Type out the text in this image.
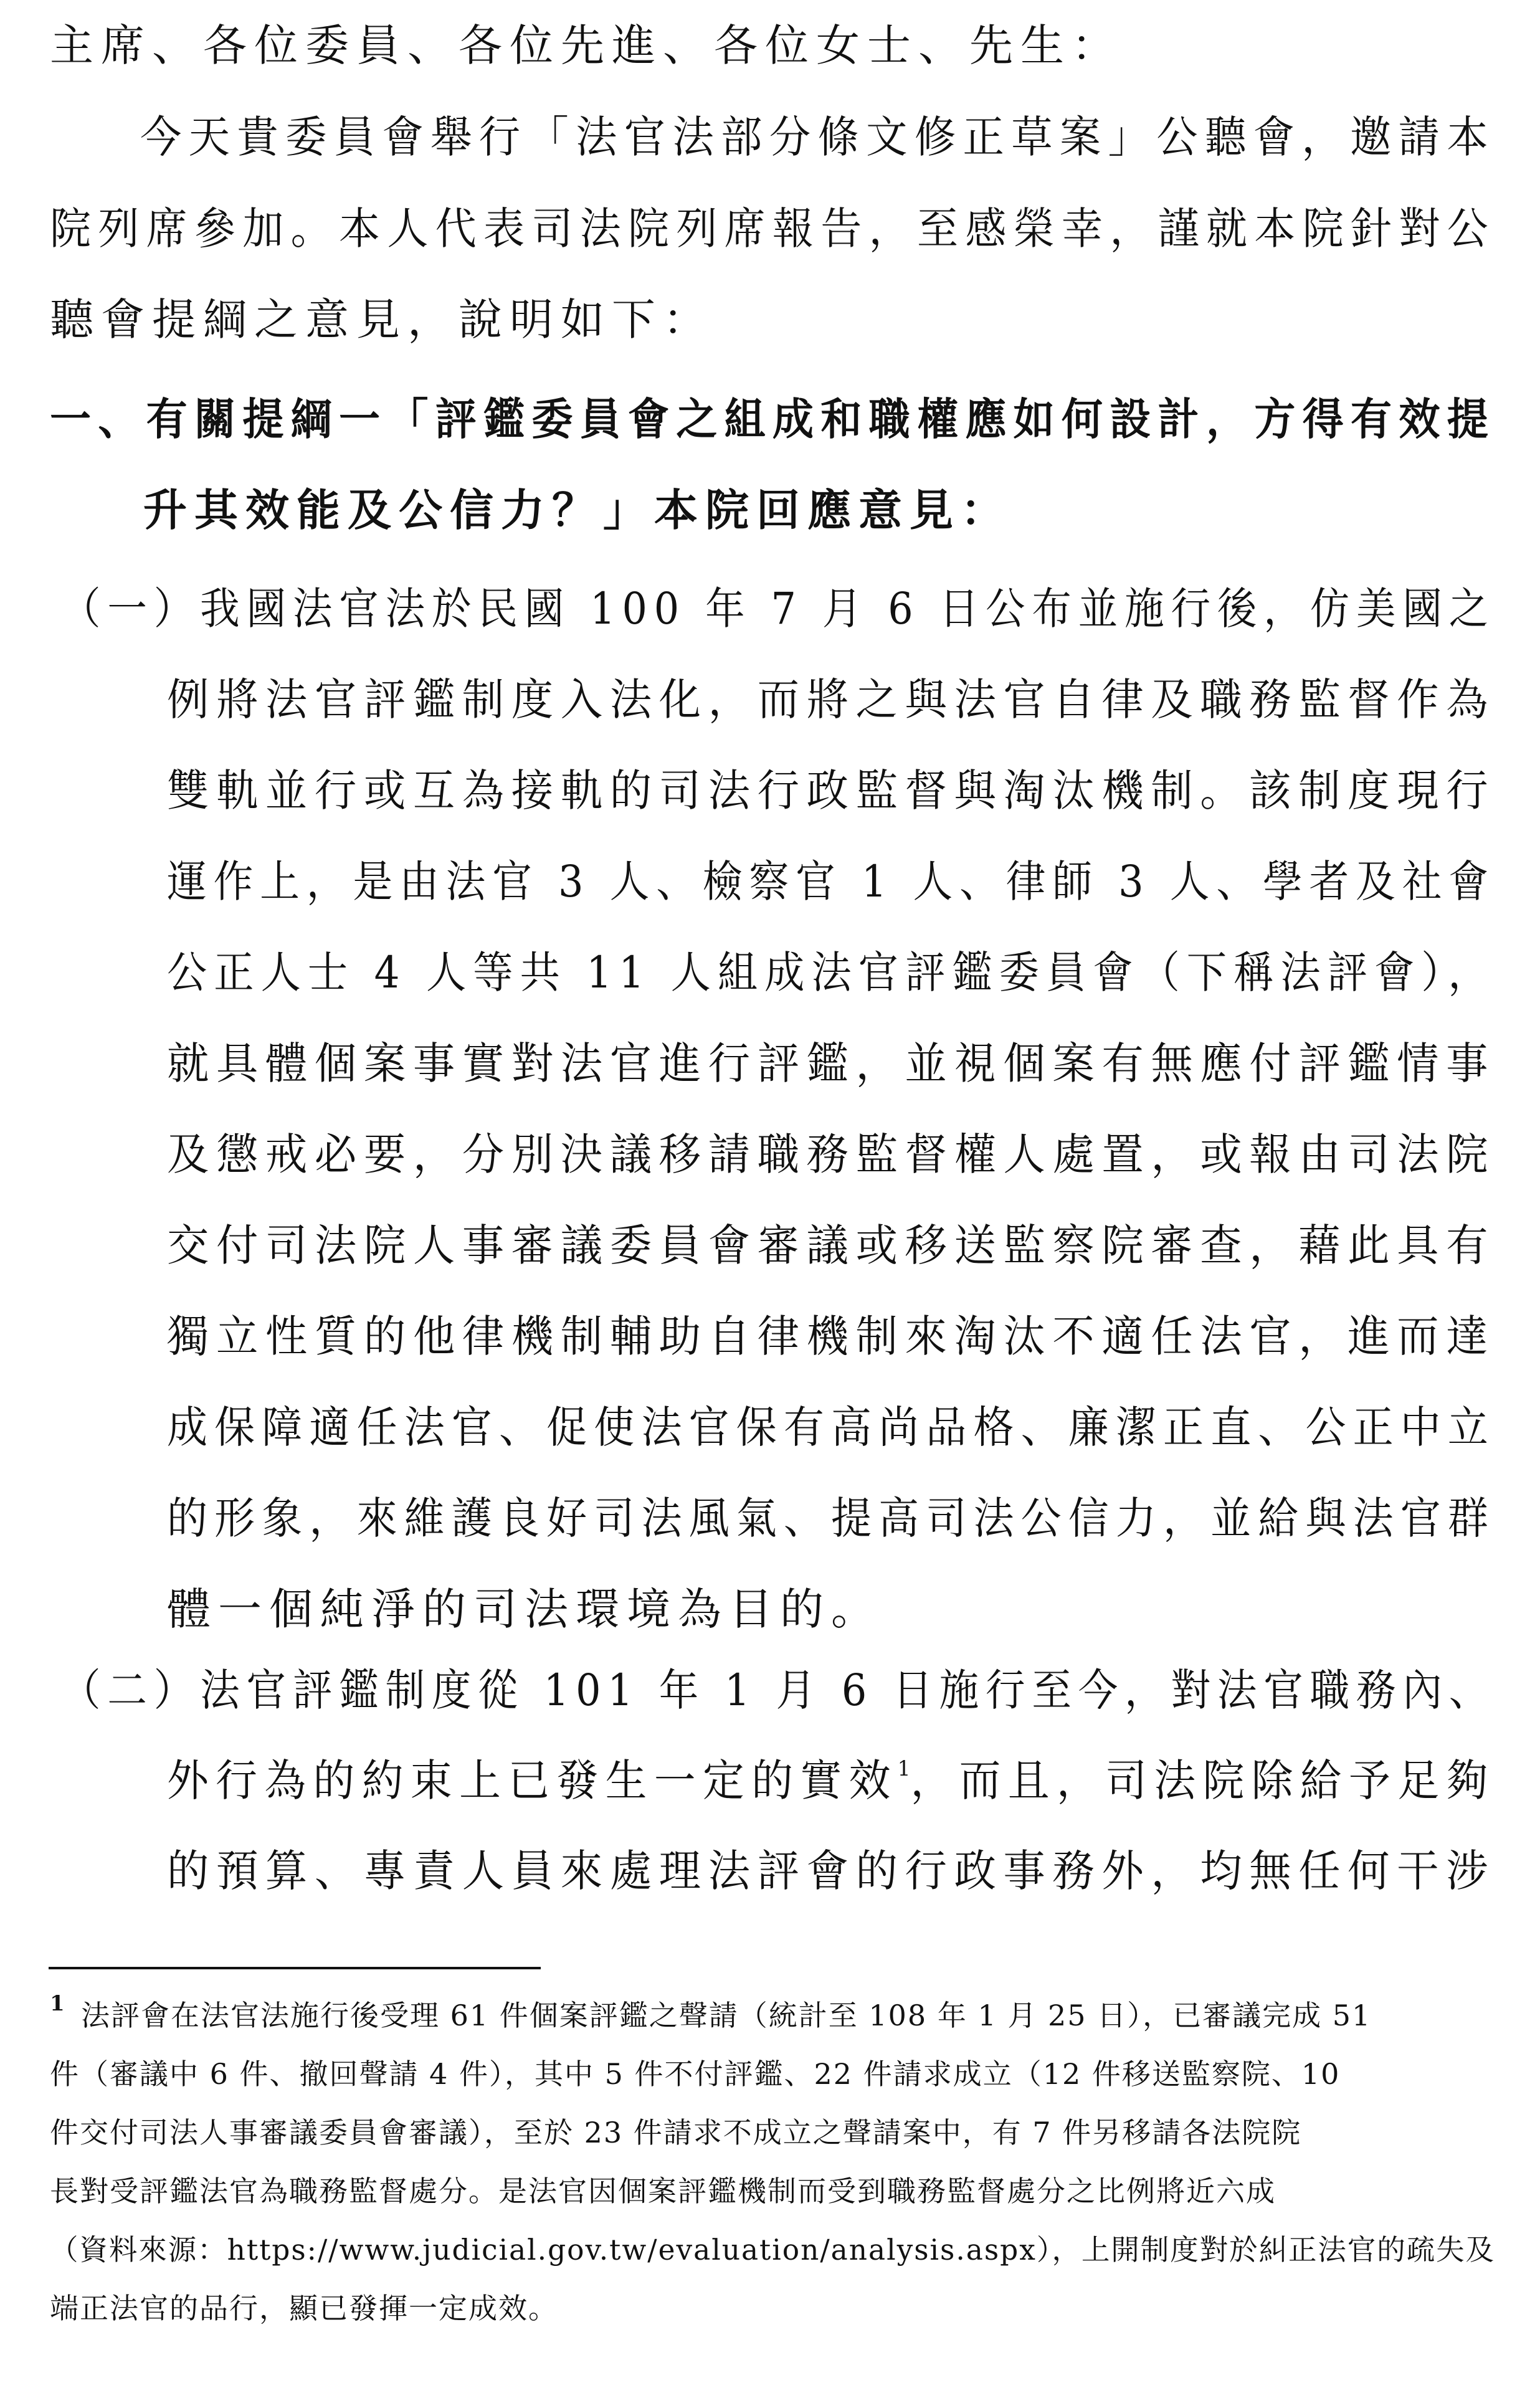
主席、各位委員、各位先進、各位女士、先生：
今天貴委員會舉行「法官法部分條文修正草案」公聽會，邀請本
院列席參加。本人代表司法院列席報告，至感榮幸，謹就本院針對公
聽會提綱之意見，說明如下：
一、有關提綱一「評鑑委員會之組成和職權應如何設計，方得有效提
升其效能及公信力？」本院回應意見：
（一）我國法官法於民國 100 年 7 月 6 日公布並施行後，仿美國之
例將法官評鑑制度入法化，而將之與法官自律及職務監督作為
雙軌並行或互為接軌的司法行政監督與淘汰機制。該制度現行
運作上，是由法官 3 人、檢察官 1 人、律師 3 人、學者及社會
公正人士 4 人等共 11 人組成法官評鑑委員會（下稱法評會），
就具體個案事實對法官進行評鑑，並視個案有無應付評鑑情事
及懲戒必要，分別決議移請職務監督權人處置，或報由司法院
交付司法院人事審議委員會審議或移送監察院審查，藉此具有
獨立性質的他律機制輔助自律機制來淘汰不適任法官，進而達
成保障適任法官、促使法官保有高尚品格、廉潔正直、公正中立
的形象，來維護良好司法風氣、提高司法公信力，並給與法官群
體一個純淨的司法環境為目的。
（二）法官評鑑制度從 101 年 1 月 6 日施行至今，對法官職務內、
外行為的約束上已發生一定的實效$^1$，而且，司法院除給予足夠
的預算、專責人員來處理法評會的行政事務外，均無任何干涉
1 法評會在法官法施行後受理 61 件個案評鑑之聲請（統計至 108 年 1 月 25 日），已審議完成 51
件（審議中 6 件、撤回聲請 4 件），其中 5 件不付評鑑、22 件請求成立（12 件移送監察院、10
件交付司法人事審議委員會審議），至於 23 件請求不成立之聲請案中，有 7 件另移請各法院院
長對受評鑑法官為職務監督處分。是法官因個案評鑑機制而受到職務監督處分之比例將近六成
（資料來源：https://www.judicial.gov.tw/evaluation/analysis.aspx），上開制度對於糾正法官的疏失及
端正法官的品行，顯已發揮一定成效。
